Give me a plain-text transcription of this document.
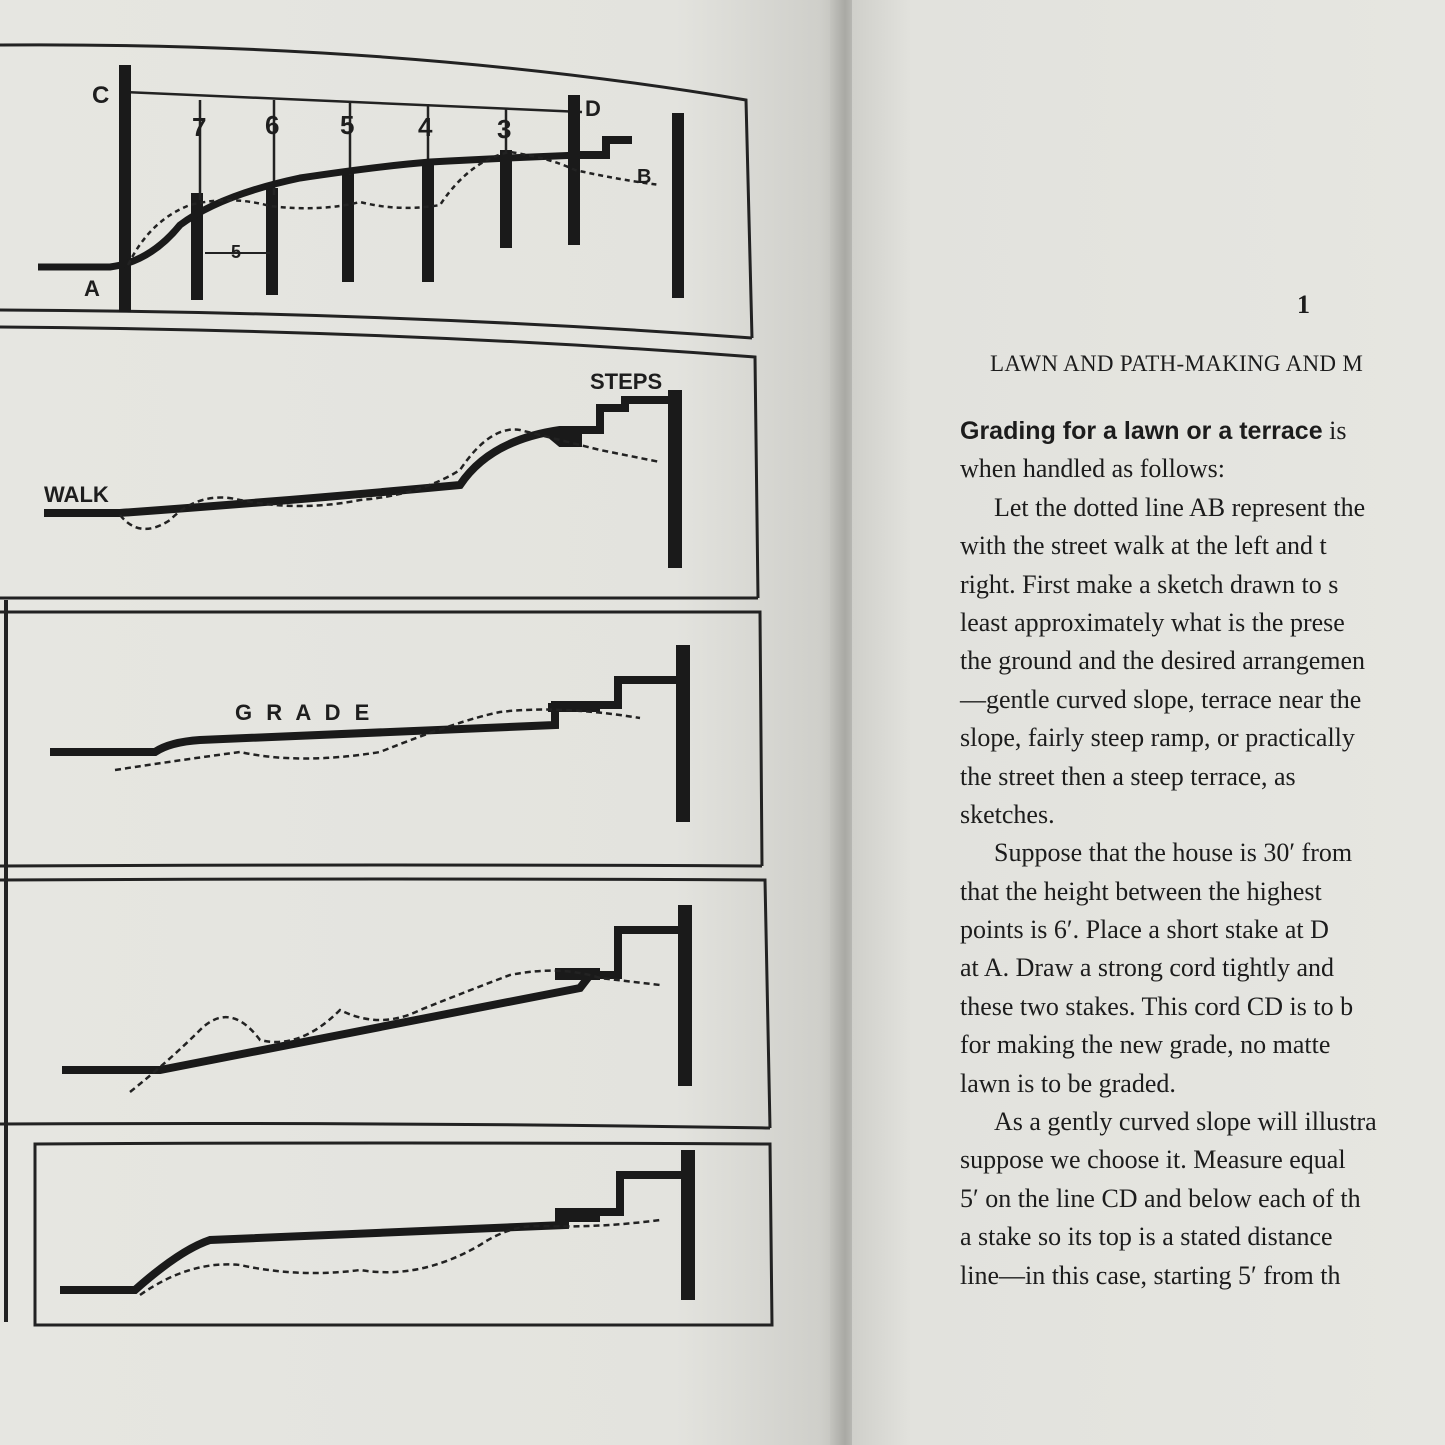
C	D
A
B
7 6 5 4 3
5
STEPS
WALK
G R A D E
1
LAWN AND PATH-MAKING AND M
Grading for a lawn or a terrace is
when handled as follows:
Let the dotted line AB represent the
with the street walk at the left and t
right. First make a sketch drawn to s
least approximately what is the prese
the ground and the desired arrangemen
—gentle curved slope, terrace near the
slope, fairly steep ramp, or practically
the street then a steep terrace, as
sketches.
Suppose that the house is 30′ from
that the height between the highest
points is 6′. Place a short stake at D
at A. Draw a strong cord tightly and
these two stakes. This cord CD is to b
for making the new grade, no matte
lawn is to be graded.
As a gently curved slope will illustra
suppose we choose it. Measure equal
5′ on the line CD and below each of th
a stake so its top is a stated distance
line—in this case, starting 5′ from th
